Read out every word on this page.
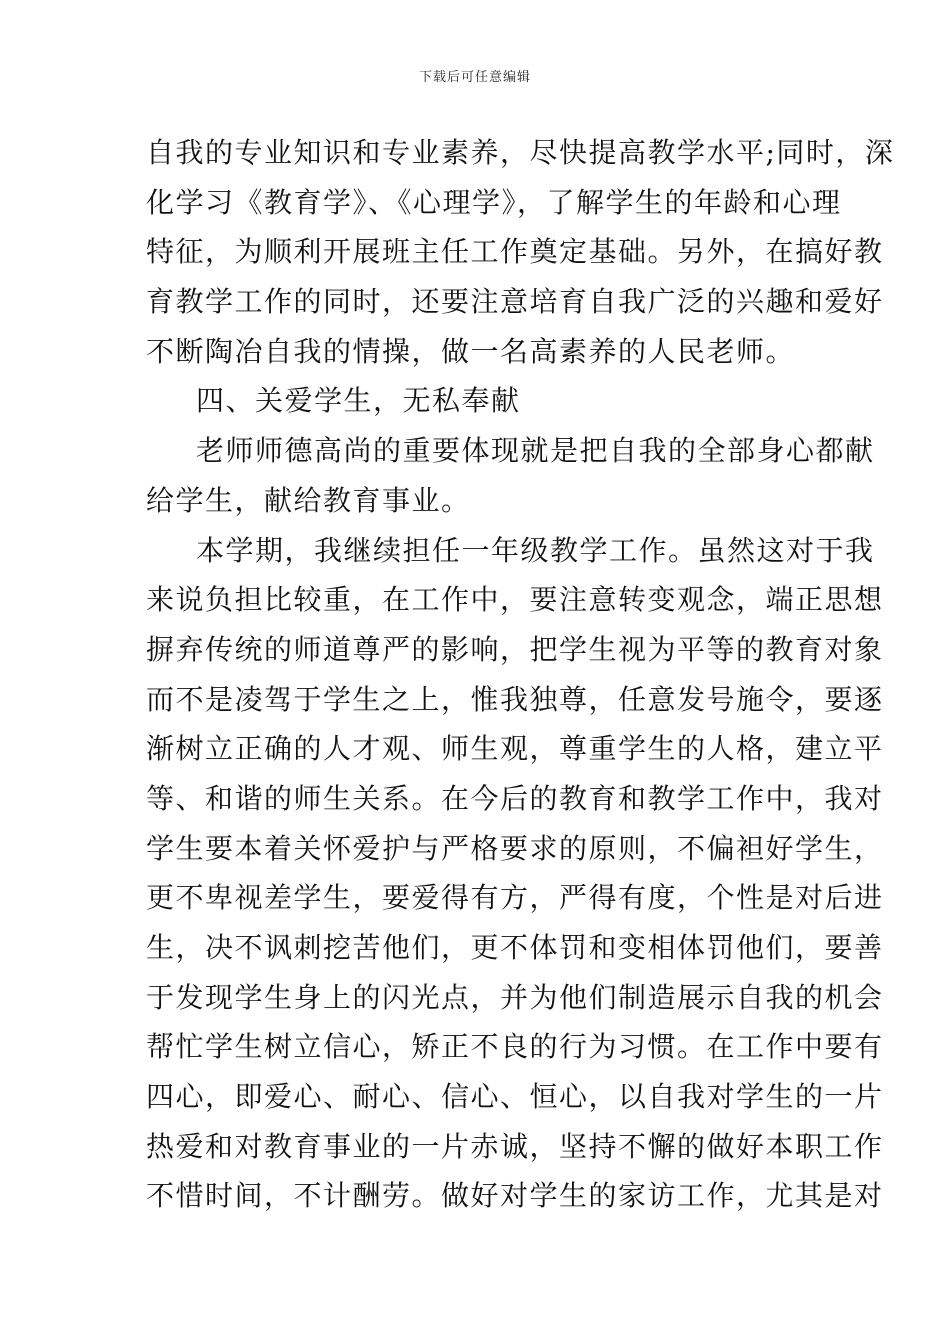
下载后可任意编辑
自我的专业知识和专业素养，尽快提高教学水平;同时，深
化学习《教育学》、《心理学》，了解学生的年龄和心理
特征，为顺利开展班主任工作奠定基础。另外，在搞好教
育教学工作的同时，还要注意培育自我广泛的兴趣和爱好
不断陶冶自我的情操，做一名高素养的人民老师。
四、关爱学生，无私奉献
老师师德高尚的重要体现就是把自我的全部身心都献
给学生，献给教育事业。
本学期，我继续担任一年级教学工作。虽然这对于我
来说负担比较重，在工作中，要注意转变观念，端正思想
摒弃传统的师道尊严的影响，把学生视为平等的教育对象
而不是凌驾于学生之上，惟我独尊，任意发号施令，要逐
渐树立正确的人才观、师生观，尊重学生的人格，建立平
等、和谐的师生关系。在今后的教育和教学工作中，我对
学生要本着关怀爱护与严格要求的原则，不偏袒好学生，
更不卑视差学生，要爱得有方，严得有度，个性是对后进
生，决不讽刺挖苦他们，更不体罚和变相体罚他们，要善
于发现学生身上的闪光点，并为他们制造展示自我的机会
帮忙学生树立信心，矫正不良的行为习惯。在工作中要有
四心，即爱心、耐心、信心、恒心，以自我对学生的一片
热爱和对教育事业的一片赤诚，坚持不懈的做好本职工作
不惜时间，不计酬劳。做好对学生的家访工作，尤其是对
